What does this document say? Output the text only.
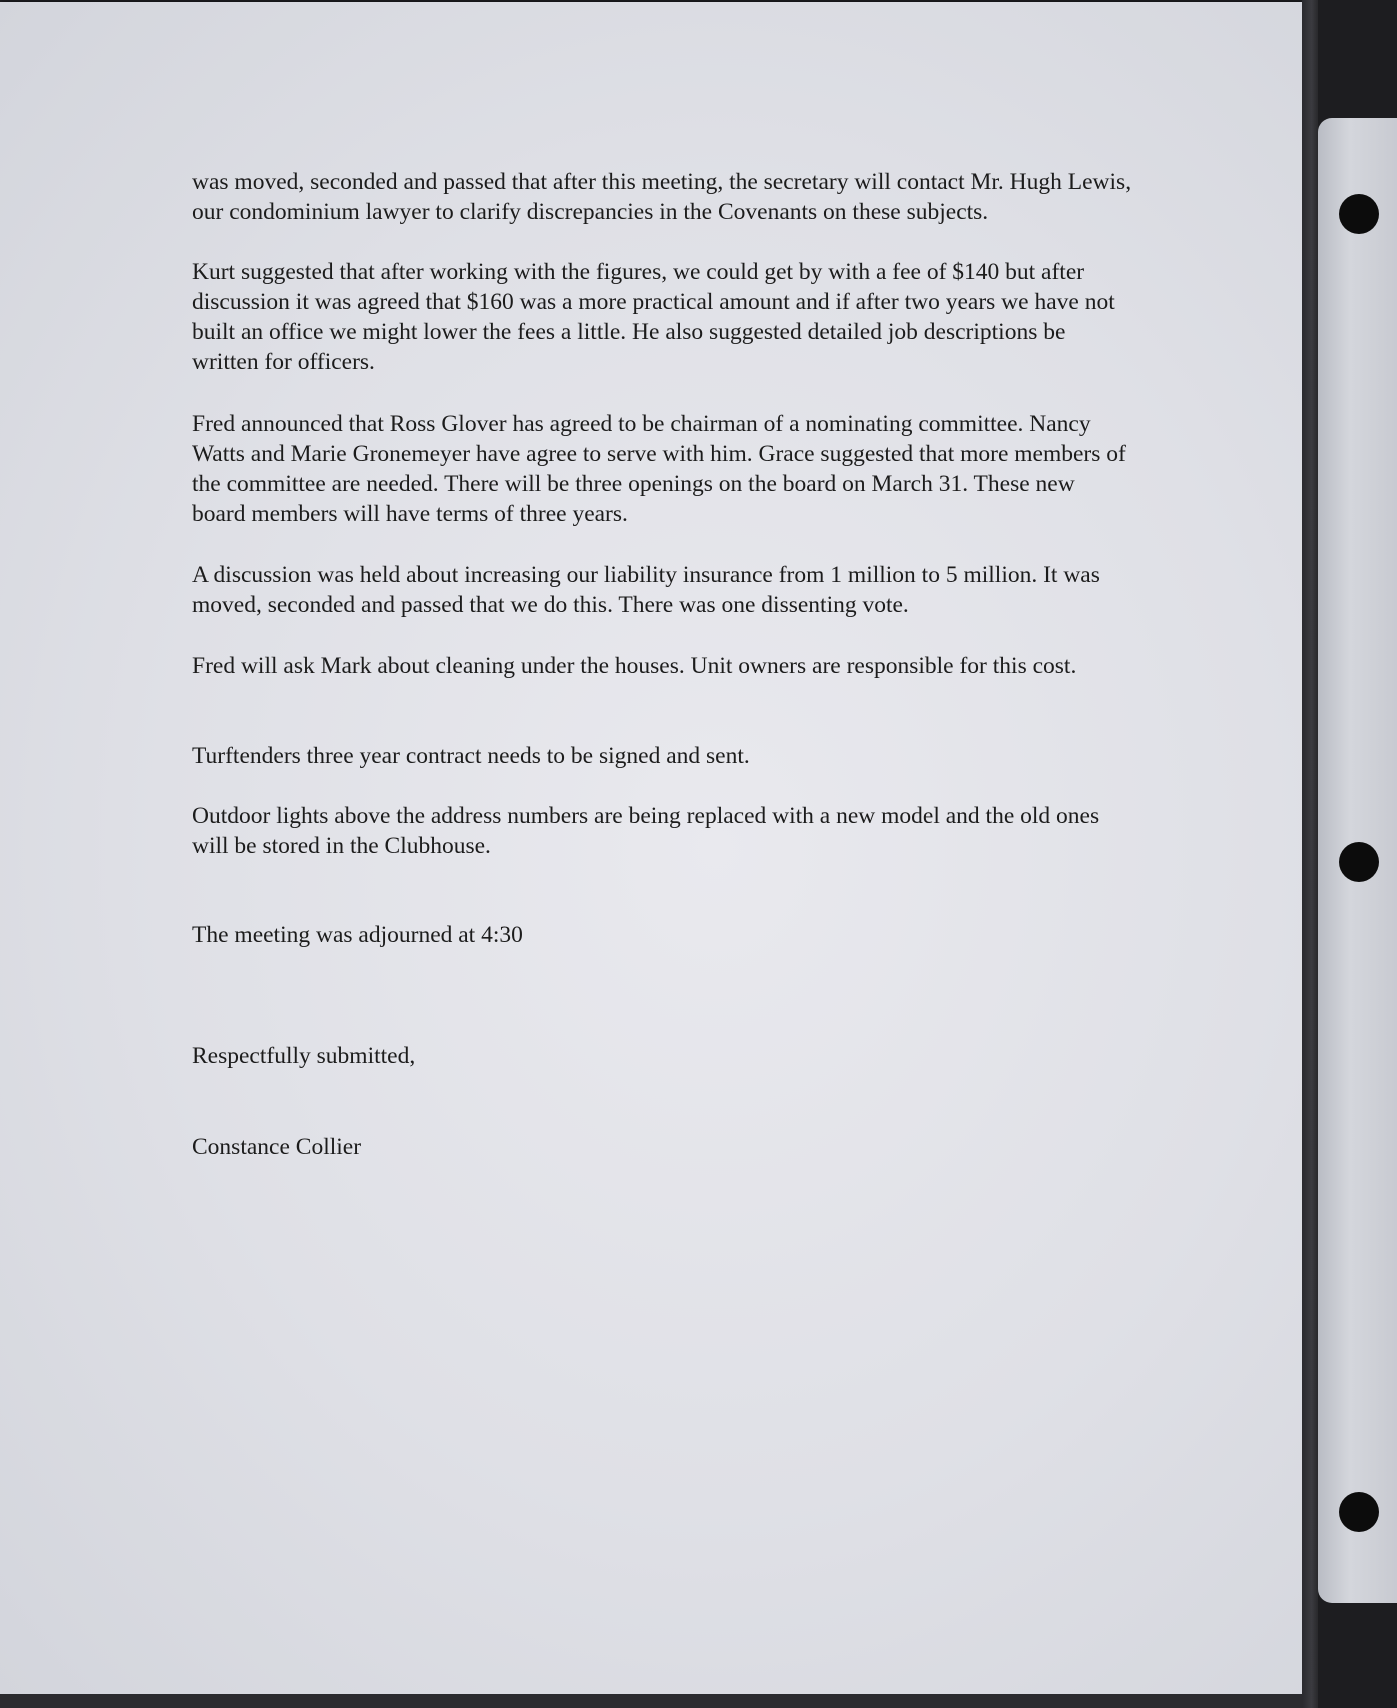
was moved, seconded and passed that after this meeting, the secretary will contact Mr. Hugh Lewis, our condominium lawyer to clarify discrepancies in the Covenants on these subjects.

Kurt suggested that after working with the figures, we could get by with a fee of $140 but after discussion it was agreed that $160 was a more practical amount and if after two years we have not built an office we might lower the fees a little. He also suggested detailed job descriptions be written for officers.

Fred announced that Ross Glover has agreed to be chairman of a nominating committee. Nancy Watts and Marie Gronemeyer have agree to serve with him. Grace suggested that more members of the committee are needed. There will be three openings on the board on March 31. These new board members will have terms of three years.

A discussion was held about increasing our liability insurance from 1 million to 5 million. It was moved, seconded and passed that we do this. There was one dissenting vote.

Fred will ask Mark about cleaning under the houses. Unit owners are responsible for this cost.

Turftenders three year contract needs to be signed and sent.

Outdoor lights above the address numbers are being replaced with a new model and the old ones will be stored in the Clubhouse.

The meeting was adjourned at 4:30

Respectfully submitted,

Constance Collier
